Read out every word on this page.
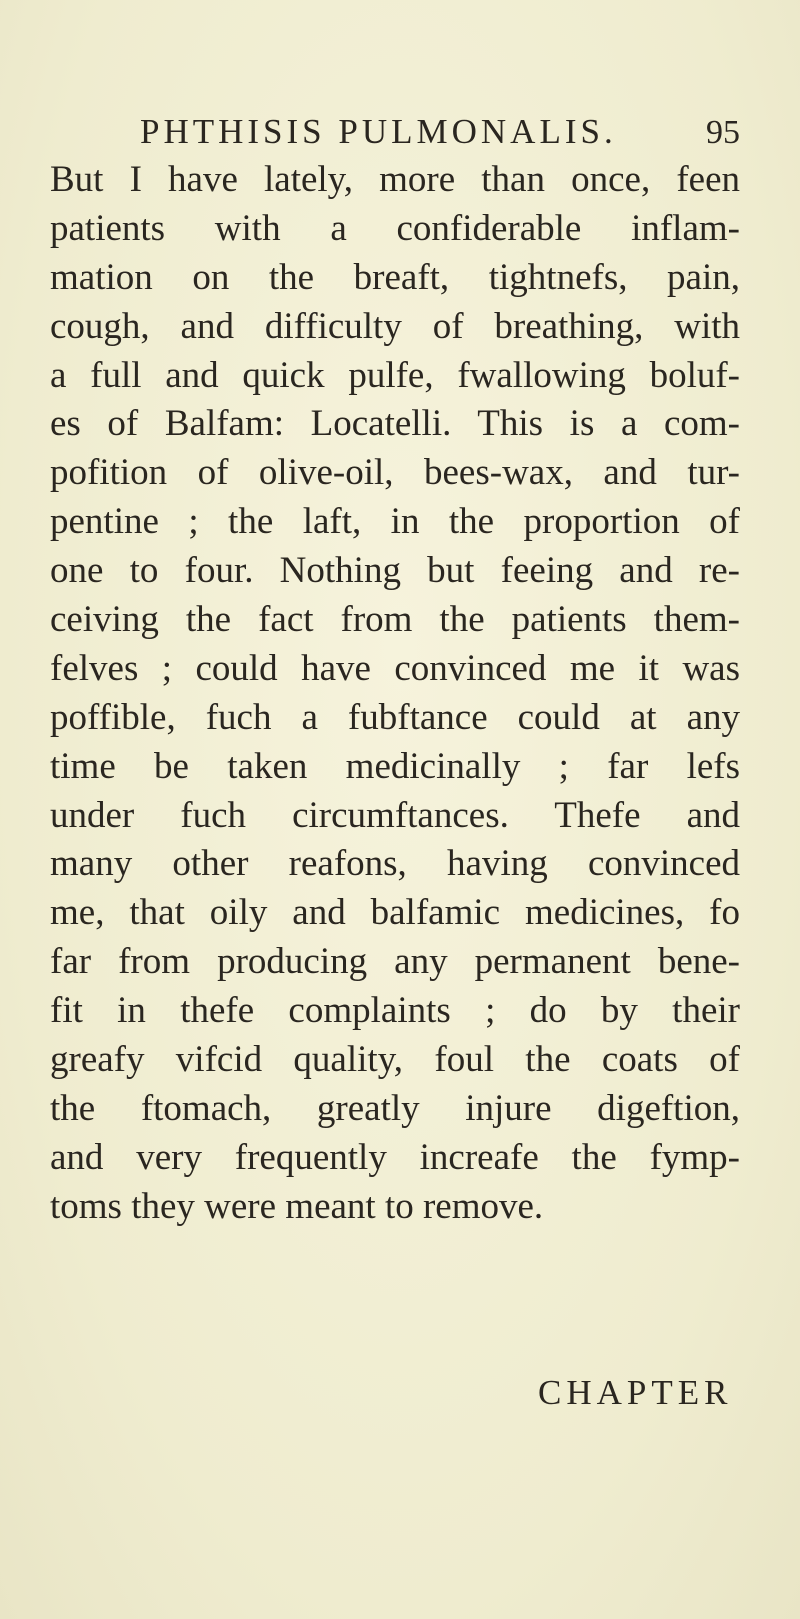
PHTHISIS PULMONALIS.	95
But I have lately, more than once, feen
patients with a confiderable inflam-
mation on the breaft, tightnefs, pain,
cough, and difficulty of breathing, with
a full and quick pulfe, fwallowing boluf-
es of Balfam: Locatelli. This is a com-
pofition of olive-oil, bees-wax, and tur-
pentine ; the laft, in the proportion of
one to four. Nothing but feeing and re-
ceiving the fact from the patients them-
felves ; could have convinced me it was
poffible, fuch a fubftance could at any
time be taken medicinally ; far lefs
under fuch circumftances. Thefe and
many other reafons, having convinced
me, that oily and balfamic medicines, fo
far from producing any permanent bene-
fit in thefe complaints ; do by their
greafy vifcid quality, foul the coats of
the ftomach, greatly injure digeftion,
and very frequently increafe the fymp-
toms they were meant to remove.
CHAPTER
